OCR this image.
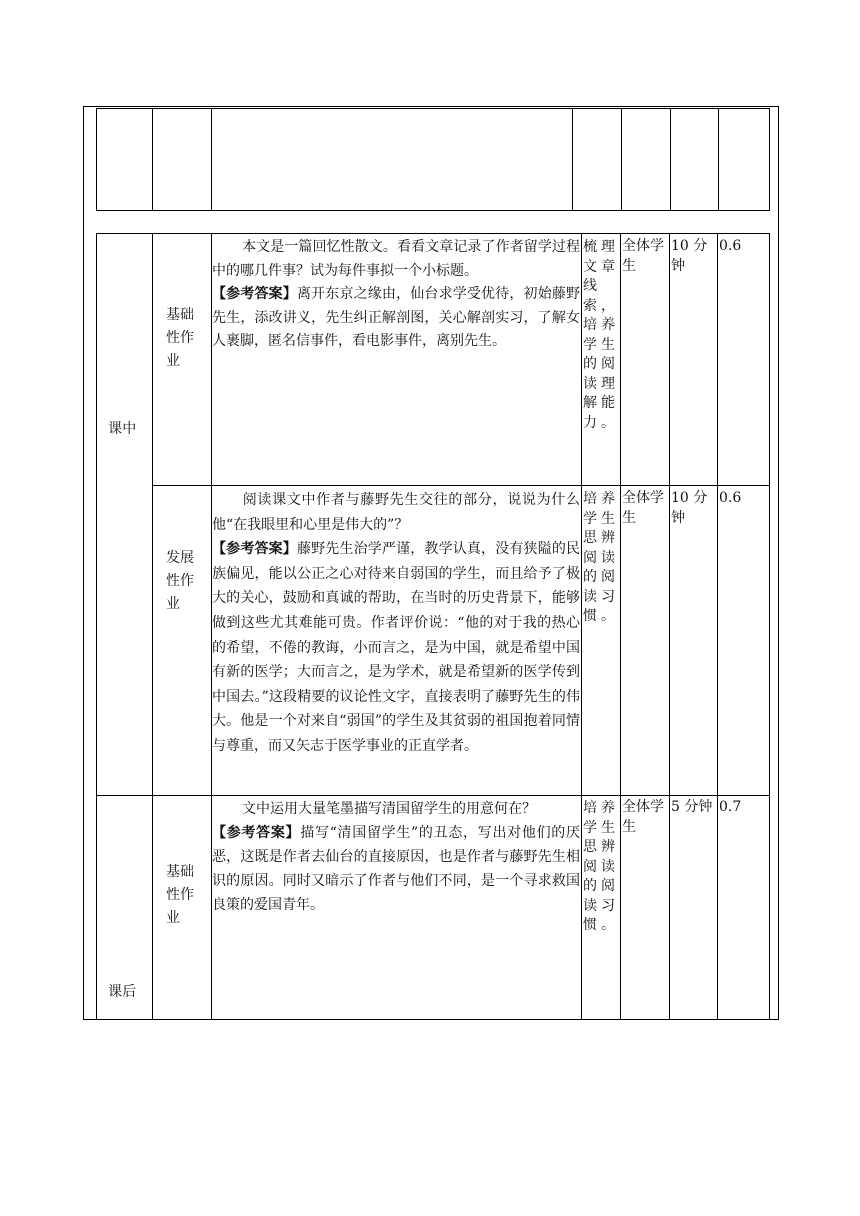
课中
基础
性作
业
本文是一篇回忆性散文。看看文章记录了作者留学过程中的哪几件事？试为每件事拟一个小标题。
【参考答案】离开东京之缘由，仙台求学受优待，初始藤野先生，添改讲义，先生纠正解剖图，关心解剖实习，了解女人裹脚，匿名信事件，看电影事件，离别先生。
梳理文章线索，培养学生的阅读理解能力。
全体学生
10 分钟
0.6
发展
性作
业
阅读课文中作者与藤野先生交往的部分，说说为什么他“在我眼里和心里是伟大的”？
【参考答案】藤野先生治学严谨，教学认真，没有狭隘的民族偏见，能以公正之心对待来自弱国的学生，而且给予了极大的关心，鼓励和真诚的帮助，在当时的历史背景下，能够做到这些尤其难能可贵。作者评价说：“他的对于我的热心的希望，不倦的教诲，小而言之，是为中国，就是希望中国有新的医学；大而言之，是为学术，就是希望新的医学传到中国去。”这段精要的议论性文字，直接表明了藤野先生的伟大。他是一个对来自“弱国”的学生及其贫弱的祖国抱着同情与尊重，而又矢志于医学事业的正直学者。
培养学生思辨阅读的阅读习惯。
全体学生
10 分钟
0.6
课后
基础
性作
业
文中运用大量笔墨描写清国留学生的用意何在？
【参考答案】描写“清国留学生”的丑态，写出对他们的厌恶，这既是作者去仙台的直接原因，也是作者与藤野先生相识的原因。同时又暗示了作者与他们不同，是一个寻求救国良策的爱国青年。
培养学生思辨阅读的阅读习惯。
全体学生
5 分钟 0.7
